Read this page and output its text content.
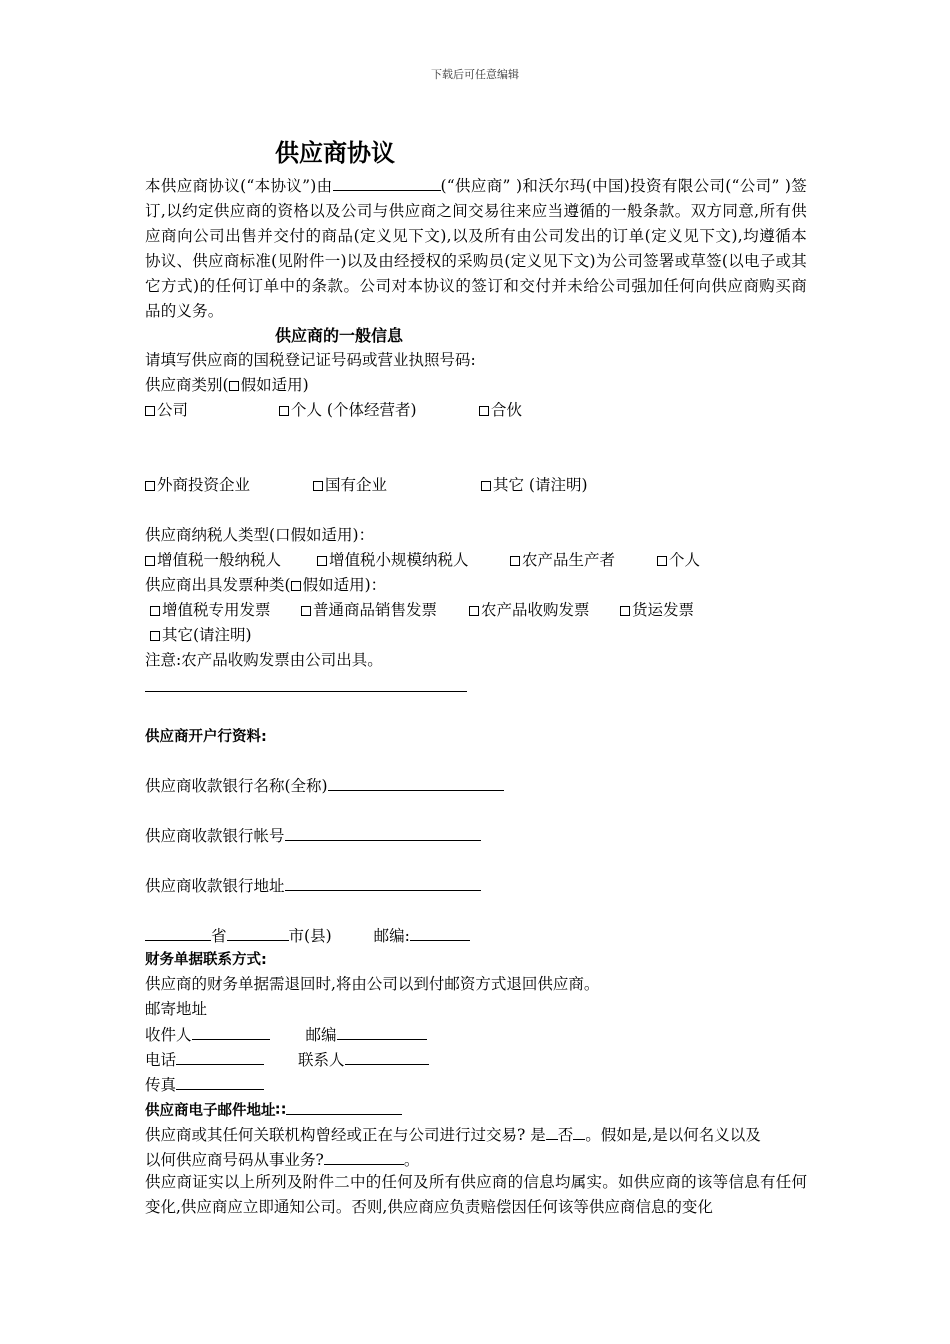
下载后可任意编辑
供应商协议
本供应商协议(“本协议”)由	(“供应商” )和沃尔玛(中国)投资有限公司(“公司” )签订,以约定供应商的资格以及公司与供应商之间交易往来应当遵循的一般条款。双方同意,所有供应商向公司出售并交付的商品(定义见下文),以及所有由公司发出的订单(定义见下文),均遵循本协议、供应商标准(见附件一)以及由经授权的采购员(定义见下文)为公司签署或草签(以电子或其它方式)的任何订单中的条款。公司对本协议的签订和交付并未给公司强加任何向供应商购买商品的义务。
供应商的一般信息
请填写供应商的国税登记证号码或营业执照号码:
供应商类别( 假如适用)
公司	个人 (个体经营者)	合伙
外商投资企业	国有企业	其它 (请注明)
供应商纳税人类型(口假如适用)：
增值税一般纳税人	增值税小规模纳税人	农产品生产者	个人
供应商出具发票种类( 假如适用)：
增值税专用发票	普通商品销售发票	农产品收购发票	货运发票
其它(请注明)
注意:农产品收购发票由公司出具。
供应商开户行资料:
供应商收款银行名称(全称)
供应商收款银行帐号
供应商收款银行地址
省	市(县)	邮编:
财务单据联系方式:
供应商的财务单据需退回时,将由公司以到付邮资方式退回供应商。
邮寄地址
收件人	邮编
电话	联系人
传真
供应商电子邮件地址∷
供应商或其任何关联机构曾经或正在与公司进行过交易? 是 否 。假如是,是以何名义以及
以何供应商号码从事业务?	。
供应商证实以上所列及附件二中的任何及所有供应商的信息均属实。如供应商的该等信息有任何变化,供应商应立即通知公司。否则,供应商应负责赔偿因任何该等供应商信息的变化
